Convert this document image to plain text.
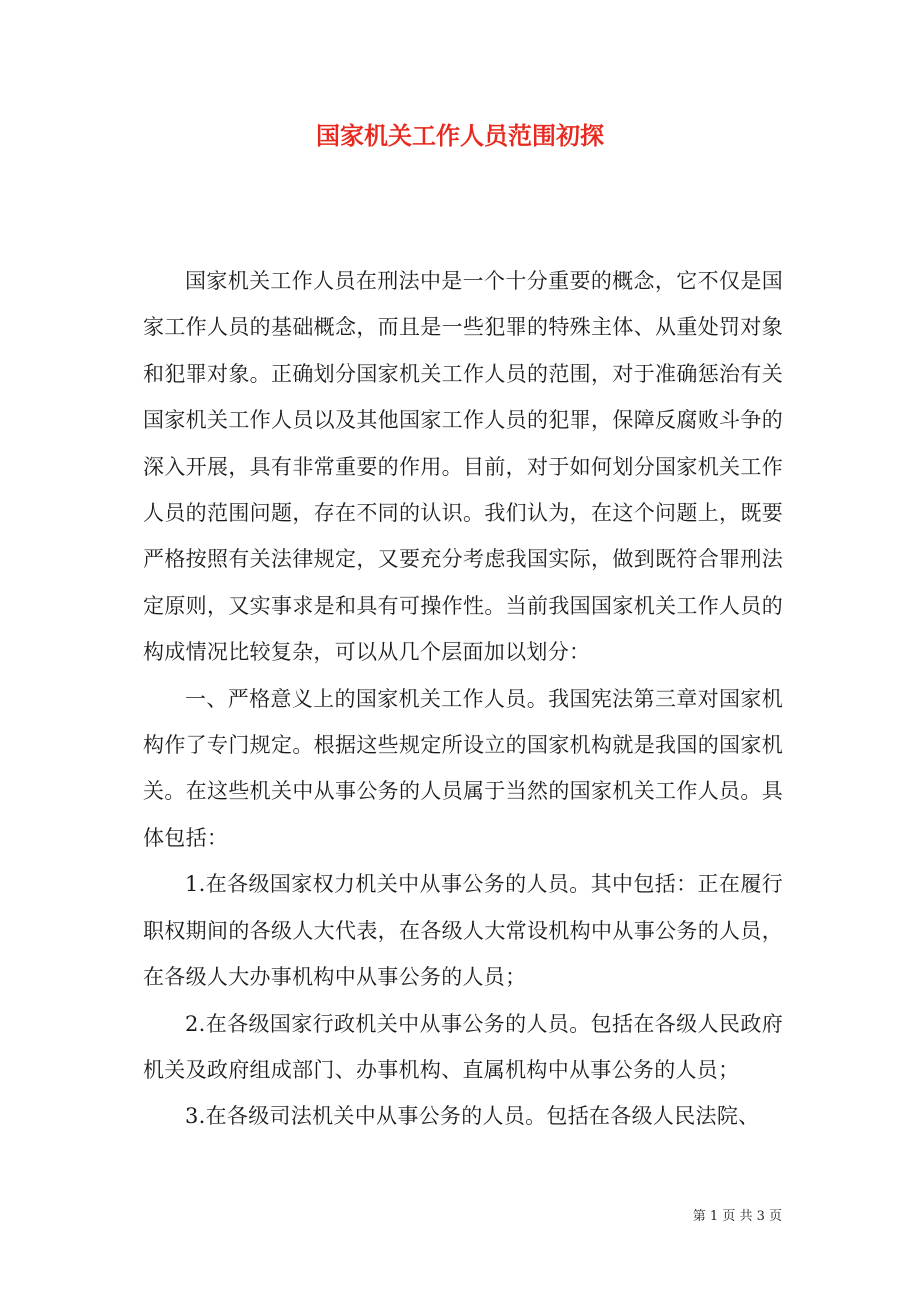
国家机关工作人员范围初探

国家机关工作人员在刑法中是一个十分重要的概念，它不仅是国家工作人员的基础概念，而且是一些犯罪的特殊主体、从重处罚对象和犯罪对象。正确划分国家机关工作人员的范围，对于准确惩治有关国家机关工作人员以及其他国家工作人员的犯罪，保障反腐败斗争的深入开展，具有非常重要的作用。目前，对于如何划分国家机关工作人员的范围问题，存在不同的认识。我们认为，在这个问题上，既要严格按照有关法律规定，又要充分考虑我国实际，做到既符合罪刑法定原则，又实事求是和具有可操作性。当前我国国家机关工作人员的构成情况比较复杂，可以从几个层面加以划分：

一、严格意义上的国家机关工作人员。我国宪法第三章对国家机构作了专门规定。根据这些规定所设立的国家机构就是我国的国家机关。在这些机关中从事公务的人员属于当然的国家机关工作人员。具体包括：

1.在各级国家权力机关中从事公务的人员。其中包括：正在履行职权期间的各级人大代表，在各级人大常设机构中从事公务的人员，在各级人大办事机构中从事公务的人员；

2.在各级国家行政机关中从事公务的人员。包括在各级人民政府机关及政府组成部门、办事机构、直属机构中从事公务的人员；

3.在各级司法机关中从事公务的人员。包括在各级人民法院、

第 1 页 共 3 页
